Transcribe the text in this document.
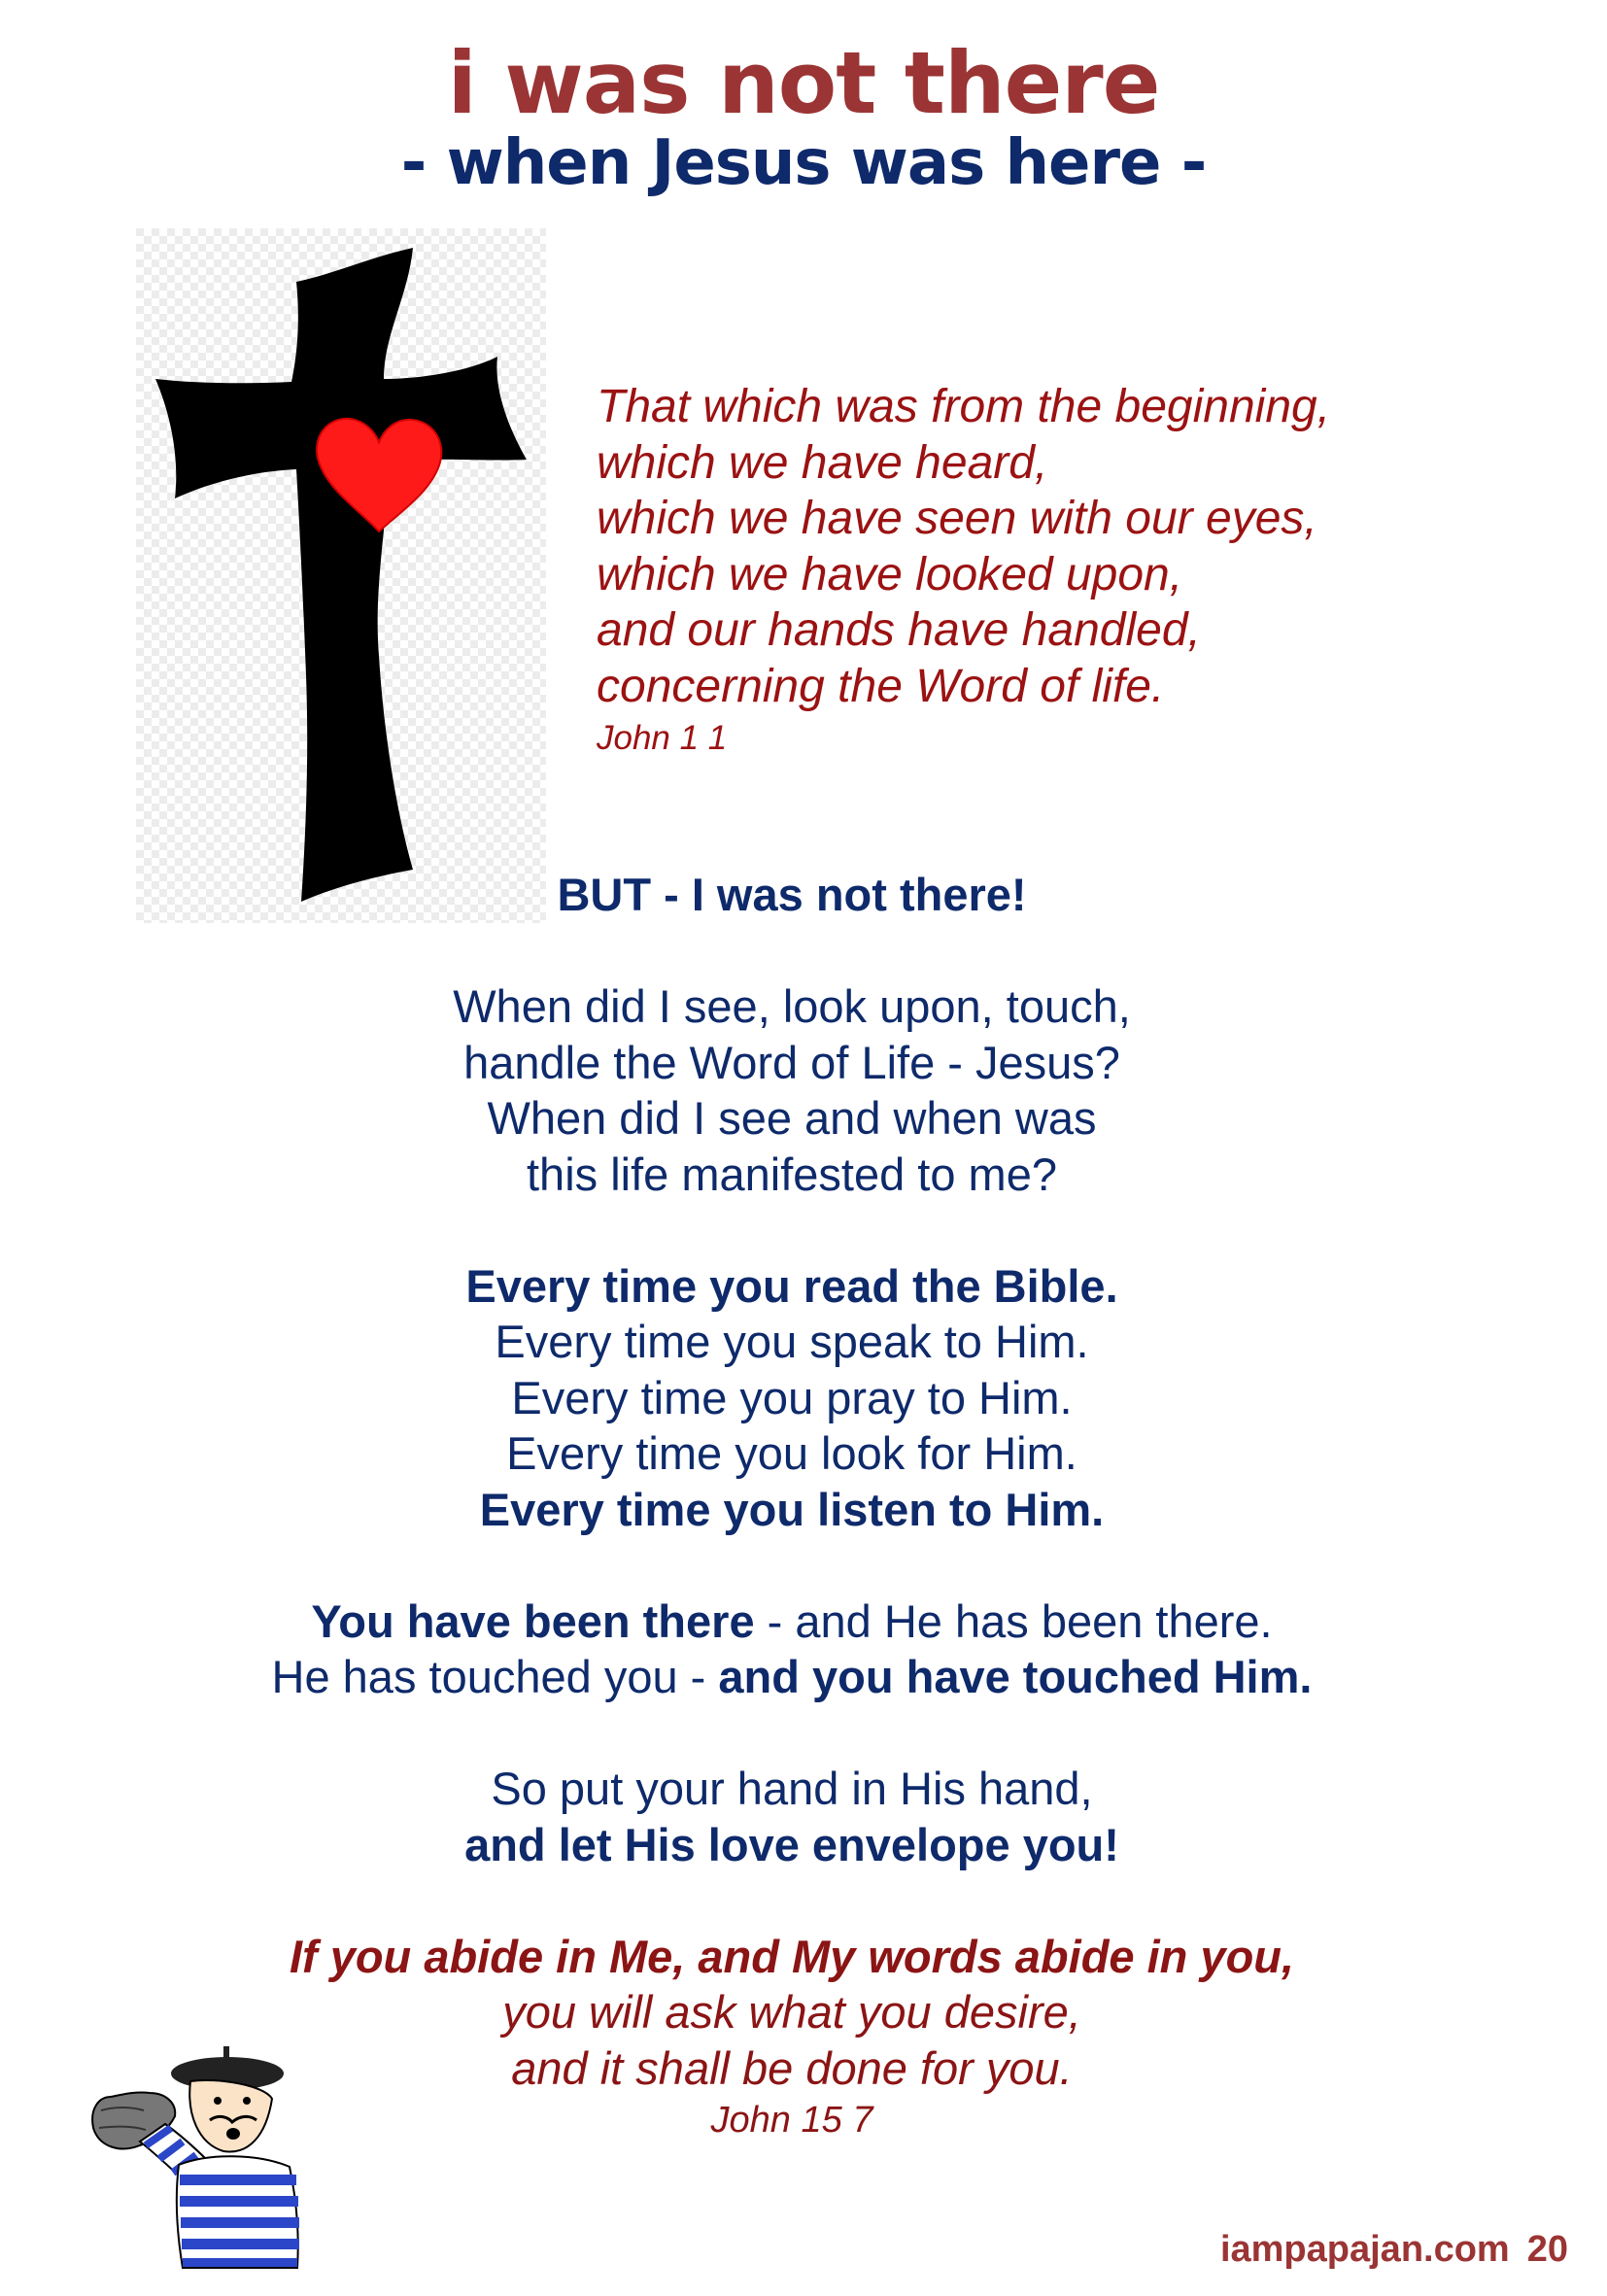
i was not there
- when Jesus was here -
That which was from the beginning,
which we have heard,
which we have seen with our eyes,
which we have looked upon,
and our hands have handled,
concerning the Word of life.
John 1 1
BUT - I was not there!
When did I see, look upon, touch,
handle the Word of Life - Jesus?
When did I see and when was
this life manifested to me?
Every time you read the Bible.
Every time you speak to Him.
Every time you pray to Him.
Every time you look for Him.
Every time you listen to Him.
You have been there - and He has been there.
He has touched you - and you have touched Him.
So put your hand in His hand,
and let His love envelope you!
If you abide in Me, and My words abide in you,
you will ask what you desire,
and it shall be done for you.
John 15 7
iampapajan.com 20
